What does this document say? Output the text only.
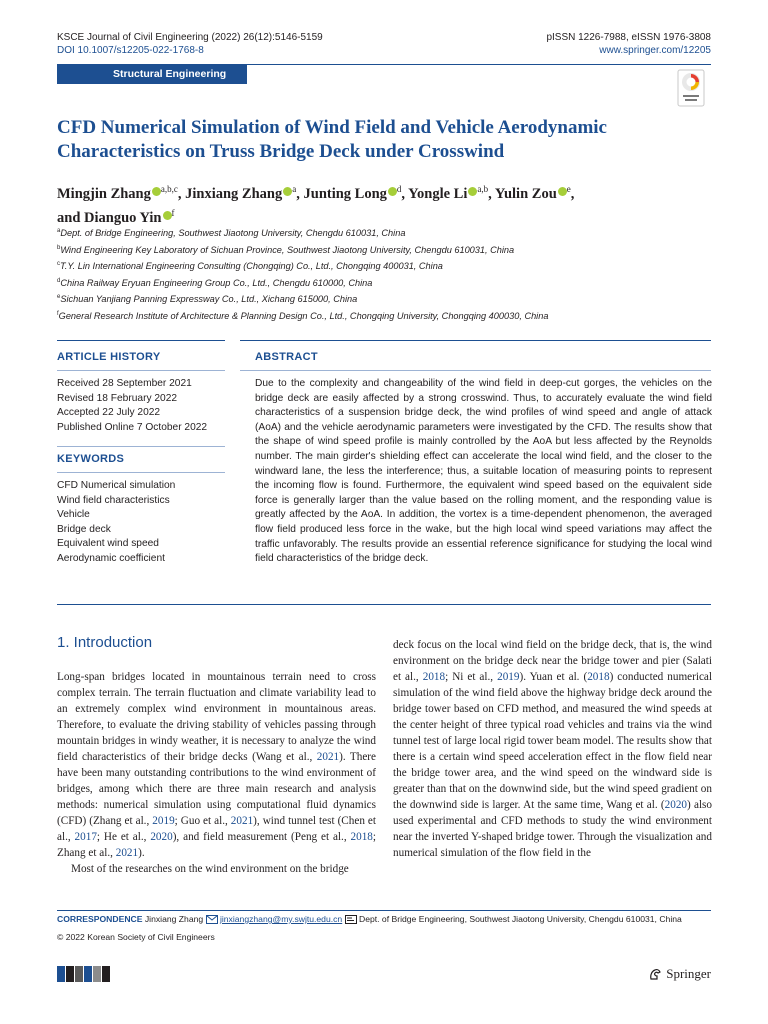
KSCE Journal of Civil Engineering (2022) 26(12):5146-5159
DOI 10.1007/s12205-022-1768-8
pISSN 1226-7988, eISSN 1976-3808
www.springer.com/12205
Structural Engineering
CFD Numerical Simulation of Wind Field and Vehicle Aerodynamic
Characteristics on Truss Bridge Deck under Crosswind
Mingjin Zhang $^{a,b,c}$, Jinxiang Zhang $^a$, Junting Long $^d$, Yongle Li $^{a,b}$, Yulin Zou $^e$,
and Dianguo Yin $^f$
$^a$Dept. of Bridge Engineering, Southwest Jiaotong University, Chengdu 610031, China
$^b$Wind Engineering Key Laboratory of Sichuan Province, Southwest Jiaotong University, Chengdu 610031, China
$^c$T.Y. Lin International Engineering Consulting (Chongqing) Co., Ltd., Chongqing 400031, China
$^d$China Railway Eryuan Engineering Group Co., Ltd., Chengdu 610000, China
$^e$Sichuan Yanjiang Panning Expressway Co., Ltd., Xichang 615000, China
$^f$General Research Institute of Architecture & Planning Design Co., Ltd., Chongqing University, Chongqing 400030, China
ARTICLE HISTORY
Received 28 September 2021
Revised 18 February 2022
Accepted 22 July 2022
Published Online 7 October 2022
KEYWORDS
CFD Numerical simulation
Wind field characteristics
Vehicle
Bridge deck
Equivalent wind speed
Aerodynamic coefficient
ABSTRACT
Due to the complexity and changeability of the wind field in deep-cut gorges, the vehicles on the bridge deck are easily affected by a strong crosswind. Thus, to accurately evaluate the wind field characteristics of a suspension bridge deck, the wind profiles of wind speed and angle of attack (AoA) and the vehicle aerodynamic parameters were investigated by the CFD. The results show that the shape of wind speed profile is mainly controlled by the AoA but less affected by the Reynolds number. The main girder's shielding effect can accelerate the local wind field, and the closer to the windward lane, the less the interference; thus, a suitable location of measuring points to represent the incoming flow is found. Furthermore, the equivalent wind speed based on the equivalent side force is generally larger than the value based on the rolling moment, and the responding value is greatly affected by the AoA. In addition, the vortex is a time-dependent phenomenon, the averaged flow field produced less force in the wake, but the high local wind speed variations may affect the traffic unfavorably. The results provide an essential reference significance for studying the local wind field characteristics of the bridge deck.
1. Introduction
Long-span bridges located in mountainous terrain need to cross complex terrain. The terrain fluctuation and climate variability lead to an extremely complex wind environment in mountainous areas. Therefore, to evaluate the driving stability of vehicles passing through mountain bridges in windy weather, it is necessary to analyze the wind field characteristics of their bridge decks (Wang et al., 2021). There have been many outstanding contributions to the wind environment of bridges, among which there are three main research and analysis methods: numerical simulation using computational fluid dynamics (CFD) (Zhang et al., 2019; Guo et al., 2021), wind tunnel test (Chen et al., 2017; He et al., 2020), and field measurement (Peng et al., 2018; Zhang et al., 2021).
Most of the researches on the wind environment on the bridge
deck focus on the local wind field on the bridge deck, that is, the wind environment on the bridge deck near the bridge tower and pier (Salati et al., 2018; Ni et al., 2019). Yuan et al. (2018) conducted numerical simulation of the wind field above the highway bridge deck around the bridge tower based on CFD method, and measured the wind speeds at the center height of three typical road vehicles and trains via the wind tunnel test of large local rigid tower beam model. The results show that there is a certain wind speed acceleration effect in the flow field near the bridge tower area, and the wind speed on the windward side is greater than that on the downwind side, but the wind speed gradient on the downwind side is larger. At the same time, Wang et al. (2020) also used experimental and CFD methods to study the wind environment near the inverted Y-shaped bridge tower. Through the visualization and numerical simulation of the flow field in the
CORRESPONDENCE Jinxiang Zhang jinxiangzhang@my.swjtu.edu.cn Dept. of Bridge Engineering, Southwest Jiaotong University, Chengdu 610031, China
© 2022 Korean Society of Civil Engineers
Springer
